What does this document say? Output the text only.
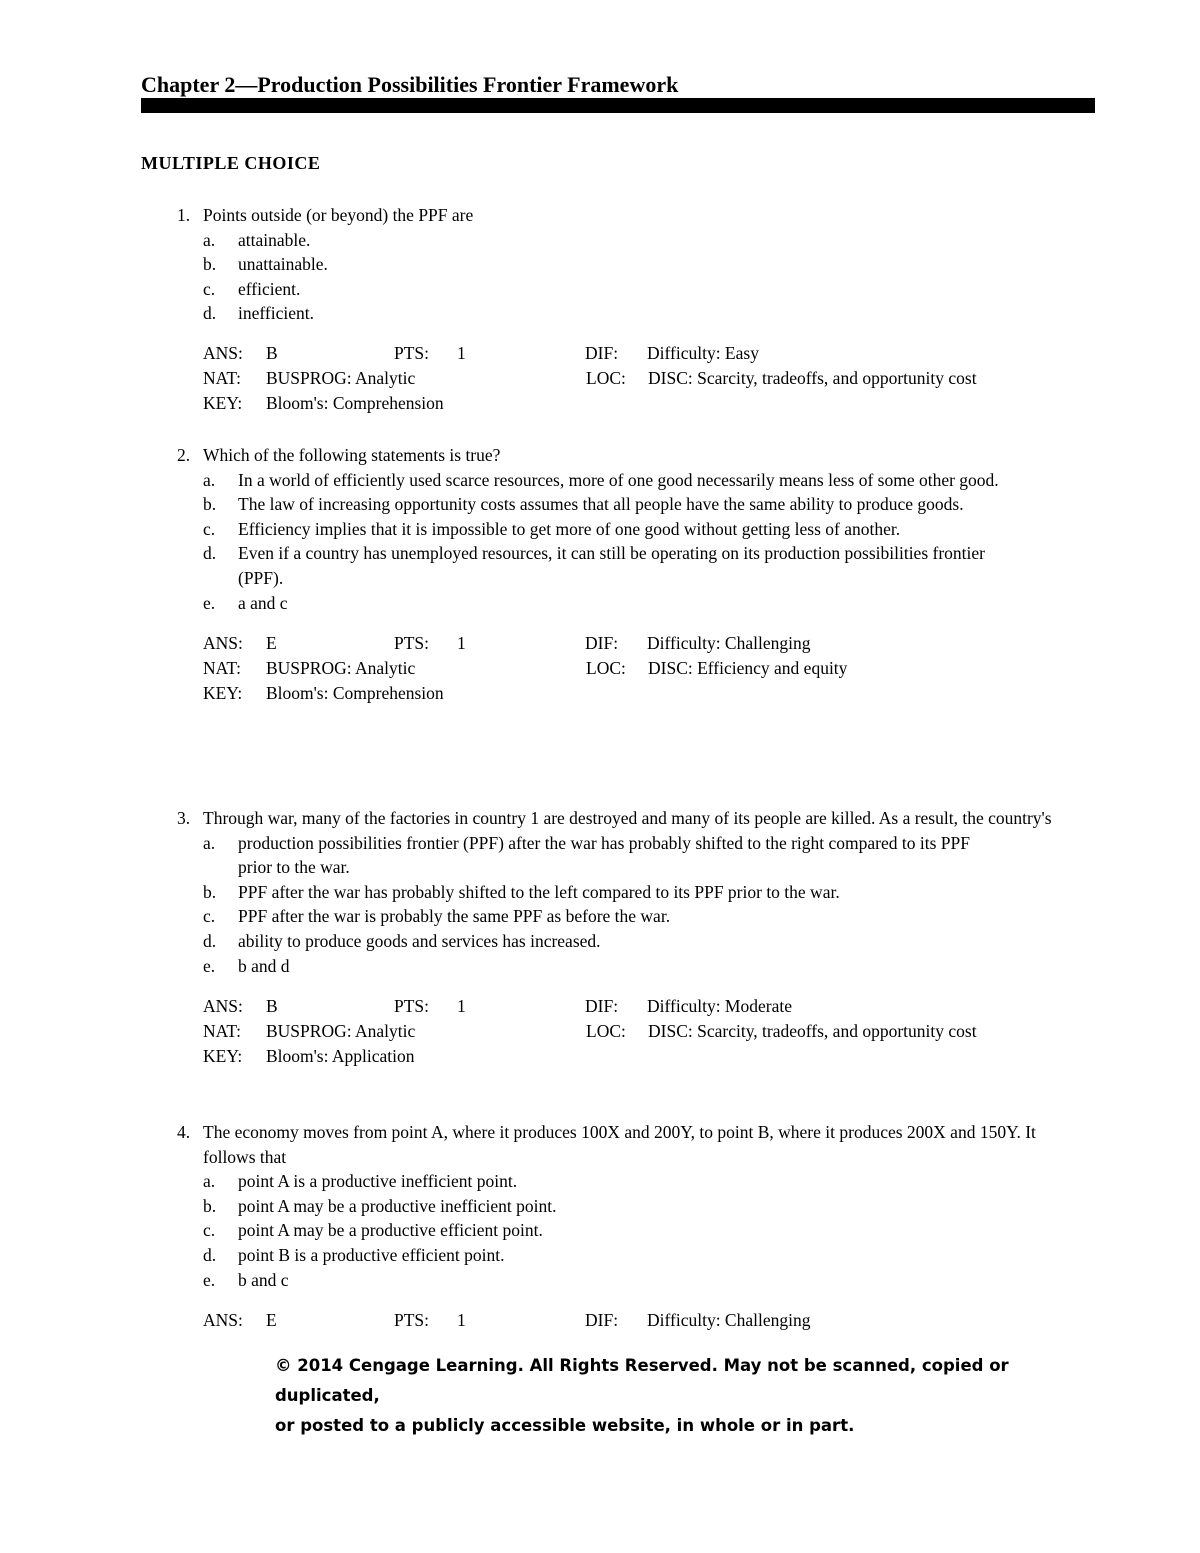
Chapter 2—Production Possibilities Frontier Framework
MULTIPLE CHOICE
1. Points outside (or beyond) the PPF are
a.	attainable.
b.	unattainable.
c.	efficient.
d.	inefficient.
ANS:	B	PTS:	1	DIF:	Difficulty: Easy
NAT:	BUSPROG: Analytic	LOC:	DISC: Scarcity, tradeoffs, and opportunity cost
KEY:	Bloom's: Comprehension
2. Which of the following statements is true?
a.	In a world of efficiently used scarce resources, more of one good necessarily means less of some other good.
b.	The law of increasing opportunity costs assumes that all people have the same ability to produce goods.
c.	Efficiency implies that it is impossible to get more of one good without getting less of another.
d.	Even if a country has unemployed resources, it can still be operating on its production possibilities frontier (PPF).
e.	a and c
ANS:	E	PTS:	1	DIF:	Difficulty: Challenging
NAT:	BUSPROG: Analytic	LOC:	DISC: Efficiency and equity
KEY:	Bloom's: Comprehension
3. Through war, many of the factories in country 1 are destroyed and many of its people are killed. As a result, the country's
a.	production possibilities frontier (PPF) after the war has probably shifted to the right compared to its PPF prior to the war.
b.	PPF after the war has probably shifted to the left compared to its PPF prior to the war.
c.	PPF after the war is probably the same PPF as before the war.
d.	ability to produce goods and services has increased.
e.	b and d
ANS:	B	PTS:	1	DIF:	Difficulty: Moderate
NAT:	BUSPROG: Analytic	LOC:	DISC: Scarcity, tradeoffs, and opportunity cost
KEY:	Bloom's: Application
4. The economy moves from point A, where it produces 100X and 200Y, to point B, where it produces 200X and 150Y. It follows that
a.	point A is a productive inefficient point.
b.	point A may be a productive inefficient point.
c.	point A may be a productive efficient point.
d.	point B is a productive efficient point.
e.	b and c
ANS:	E	PTS:	1	DIF:	Difficulty: Challenging
© 2014 Cengage Learning. All Rights Reserved. May not be scanned, copied or duplicated,
or posted to a publicly accessible website, in whole or in part.
